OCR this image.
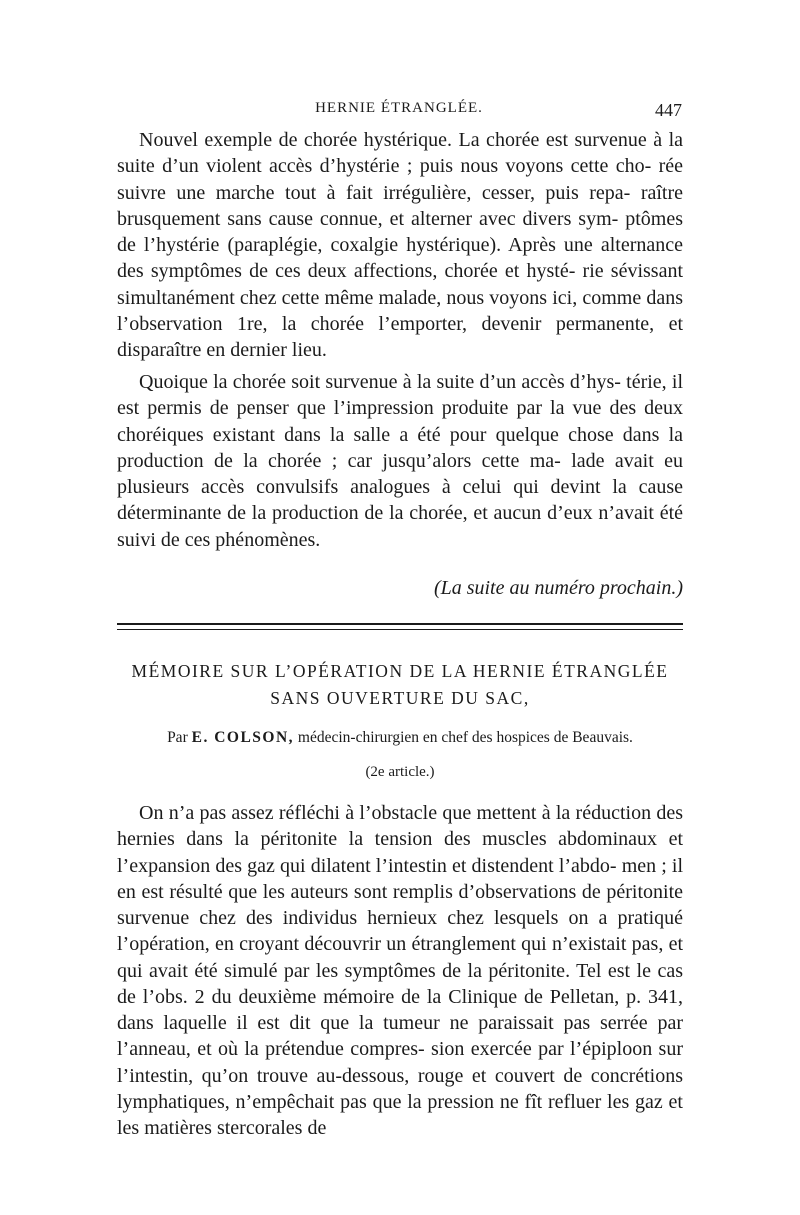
HERNIE ÉTRANGLÉE.	447

Nouvel exemple de chorée hystérique. La chorée est survenue à la suite d’un violent accès d’hystérie ; puis nous voyons cette cho- rée suivre une marche tout à fait irrégulière, cesser, puis repa- raître brusquement sans cause connue, et alterner avec divers sym- ptômes de l’hystérie (paraplégie, coxalgie hystérique). Après une alternance des symptômes de ces deux affections, chorée et hysté- rie sévissant simultanément chez cette même malade, nous voyons ici, comme dans l’observation 1re, la chorée l’emporter, devenir permanente, et disparaître en dernier lieu.

Quoique la chorée soit survenue à la suite d’un accès d’hys- térie, il est permis de penser que l’impression produite par la vue des deux choréiques existant dans la salle a été pour quelque chose dans la production de la chorée ; car jusqu’alors cette ma- lade avait eu plusieurs accès convulsifs analogues à celui qui devint la cause déterminante de la production de la chorée, et aucun d’eux n’avait été suivi de ces phénomènes.

(La suite au numéro prochain.)
MÉMOIRE SUR L’OPÉRATION DE LA HERNIE ÉTRANGLÉE
SANS OUVERTURE DU SAC,
Par E. COLSON, médecin-chirurgien en chef des hospices de Beauvais.
(2e article.)

On n’a pas assez réfléchi à l’obstacle que mettent à la réduction des hernies dans la péritonite la tension des muscles abdominaux et l’expansion des gaz qui dilatent l’intestin et distendent l’abdo- men ; il en est résulté que les auteurs sont remplis d’observations de péritonite survenue chez des individus hernieux chez lesquels on a pratiqué l’opération, en croyant découvrir un étranglement qui n’existait pas, et qui avait été simulé par les symptômes de la péritonite. Tel est le cas de l’obs. 2 du deuxième mémoire de la Clinique de Pelletan, p. 341, dans laquelle il est dit que la tumeur ne paraissait pas serrée par l’anneau, et où la prétendue compres- sion exercée par l’épiploon sur l’intestin, qu’on trouve au-dessous, rouge et couvert de concrétions lymphatiques, n’empêchait pas que la pression ne fît refluer les gaz et les matières stercorales de
